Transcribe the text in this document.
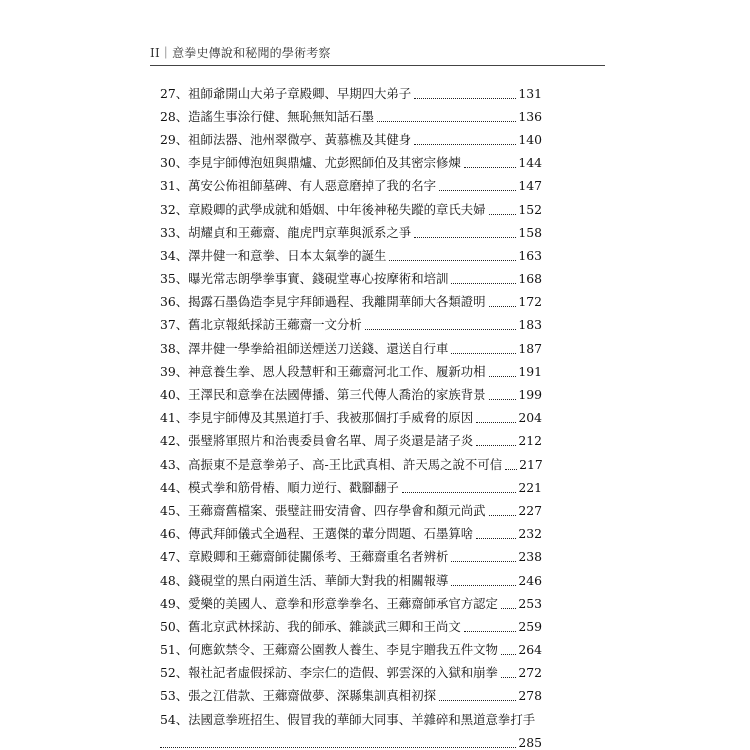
II｜意拳史傳說和秘聞的學術考察
27、祖師爺開山大弟子章殿卿、早期四大弟子	131
28、造謠生事涂行健、無恥無知話石墨	136
29、祖師法器、池州翠微亭、黃慕樵及其健身	140
30、李見宇師傅泡妞與鼎爐、尤彭熙師伯及其密宗修煉	144
31、萬安公佈祖師墓碑、有人惡意磨掉了我的名字	147
32、章殿卿的武學成就和婚姻、中年後神秘失蹤的章氏夫婦	152
33、胡耀貞和王薌齋、龍虎門京華與派系之爭	158
34、澤井健一和意拳、日本太氣拳的誕生	163
35、曝光常志朗學拳事實、錢硯堂專心按摩術和培訓	168
36、揭露石墨偽造李見宇拜師過程、我離開華師大各類證明	172
37、舊北京報紙採訪王薌齋一文分析	183
38、澤井健一學拳給祖師送煙送刀送錢、還送自行車	187
39、神意養生拳、恩人段慧軒和王薌齋河北工作、履新功相	191
40、王澤民和意拳在法國傳播、第三代傳人喬治的家族背景	199
41、李見宇師傅及其黑道打手、我被那個打手威脅的原因	204
42、張璧將軍照片和治喪委員會名單、周子炎還是諸子炎	212
43、高振東不是意拳弟子、高-王比武真相、許天馬之說不可信 217
44、模式拳和筋骨樁、順力逆行、戳腳翻子	221
45、王薌齋舊檔案、張璧註冊安清會、四存學會和顏元尚武	227
46、傳武拜師儀式全過程、王選傑的輩分問題、石墨算啥	232
47、章殿卿和王薌齋師徒關係考、王薌齋重名者辨析	238
48、錢硯堂的黑白兩道生活、華師大對我的相關報導	246
49、愛樂的美國人、意拳和形意拳拳名、王薌齋師承官方認定 253
50、舊北京武林採訪、我的師承、雜談武三卿和王尚文	259
51、何應欽禁令、王薌齋公園教人養生、李見宇贈我五件文物 264
52、報社記者虛假採訪、李宗仁的造假、郭雲深的入獄和崩拳 272
53、張之江借款、王薌齋做夢、深縣集訓真相初探	278
54、法國意拳班招生、假冒我的華師大同事、羊雜碎和黑道意拳打手
285
